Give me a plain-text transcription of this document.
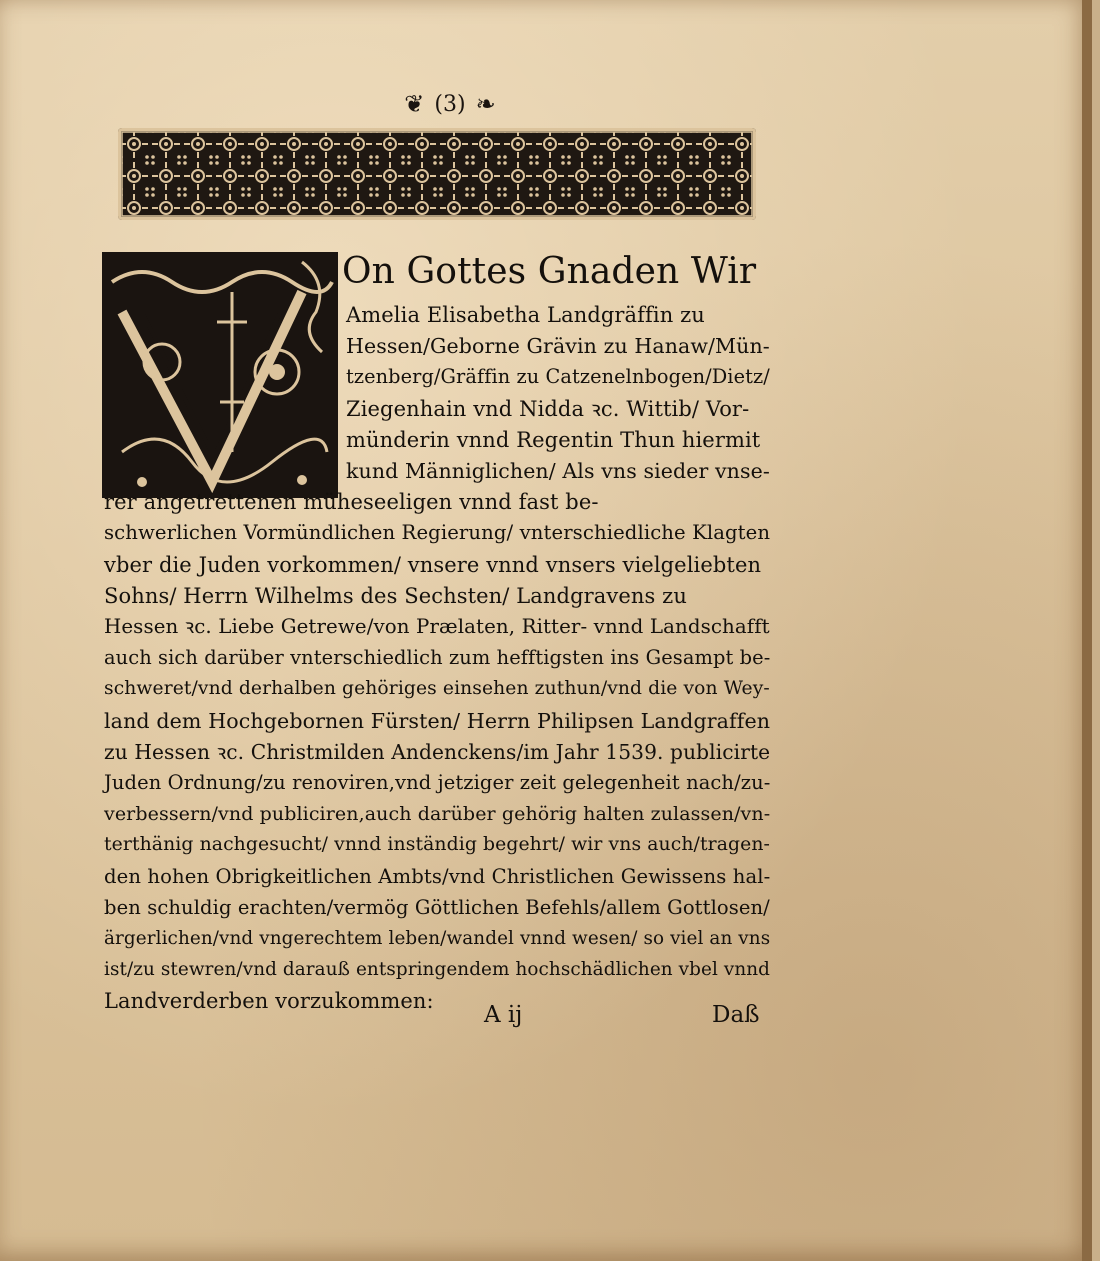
❦ (3) ❧
On Gottes Gnaden Wir
Amelia Elisabetha Landgräffin zu
Hessen/Geborne Grävin zu Hanaw/Mün-
tzenberg/Gräffin zu Catzenelnbogen/Dietz/
Ziegenhain vnd Nidda ꝛc. Wittib/ Vor-
münderin vnnd Regentin Thun hiermit
kund Männiglichen/ Als vns sieder vnse-
rer angetrettenen müheseeligen vnnd fast be-
schwerlichen Vormündlichen Regierung/ vnterschiedliche Klagten
vber die Juden vorkommen/ vnsere vnnd vnsers vielgeliebten
Sohns/ Herrn Wilhelms des Sechsten/ Landgravens zu
Hessen ꝛc. Liebe Getrewe/von Prælaten, Ritter- vnnd Landschafft
auch sich darüber vnterschiedlich zum hefftigsten ins Gesampt be-
schweret/vnd derhalben gehöriges einsehen zuthun/vnd die von Wey-
land dem Hochgebornen Fürsten/ Herrn Philipsen Landgraffen
zu Hessen ꝛc. Christmilden Andenckens/im Jahr 1539. publicirte
Juden Ordnung/zu renoviren,vnd jetziger zeit gelegenheit nach/zu-
verbessern/vnd publiciren,auch darüber gehörig halten zulassen/vn-
terthänig nachgesucht/ vnnd inständig begehrt/ wir vns auch/tragen-
den hohen Obrigkeitlichen Ambts/vnd Christlichen Gewissens hal-
ben schuldig erachten/vermög Göttlichen Befehls/allem Gottlosen/
ärgerlichen/vnd vngerechtem leben/wandel vnnd wesen/ so viel an vns
ist/zu stewren/vnd darauß entspringendem hochschädlichen vbel vnnd
Landverderben vorzukommen:
A ij	Daß
